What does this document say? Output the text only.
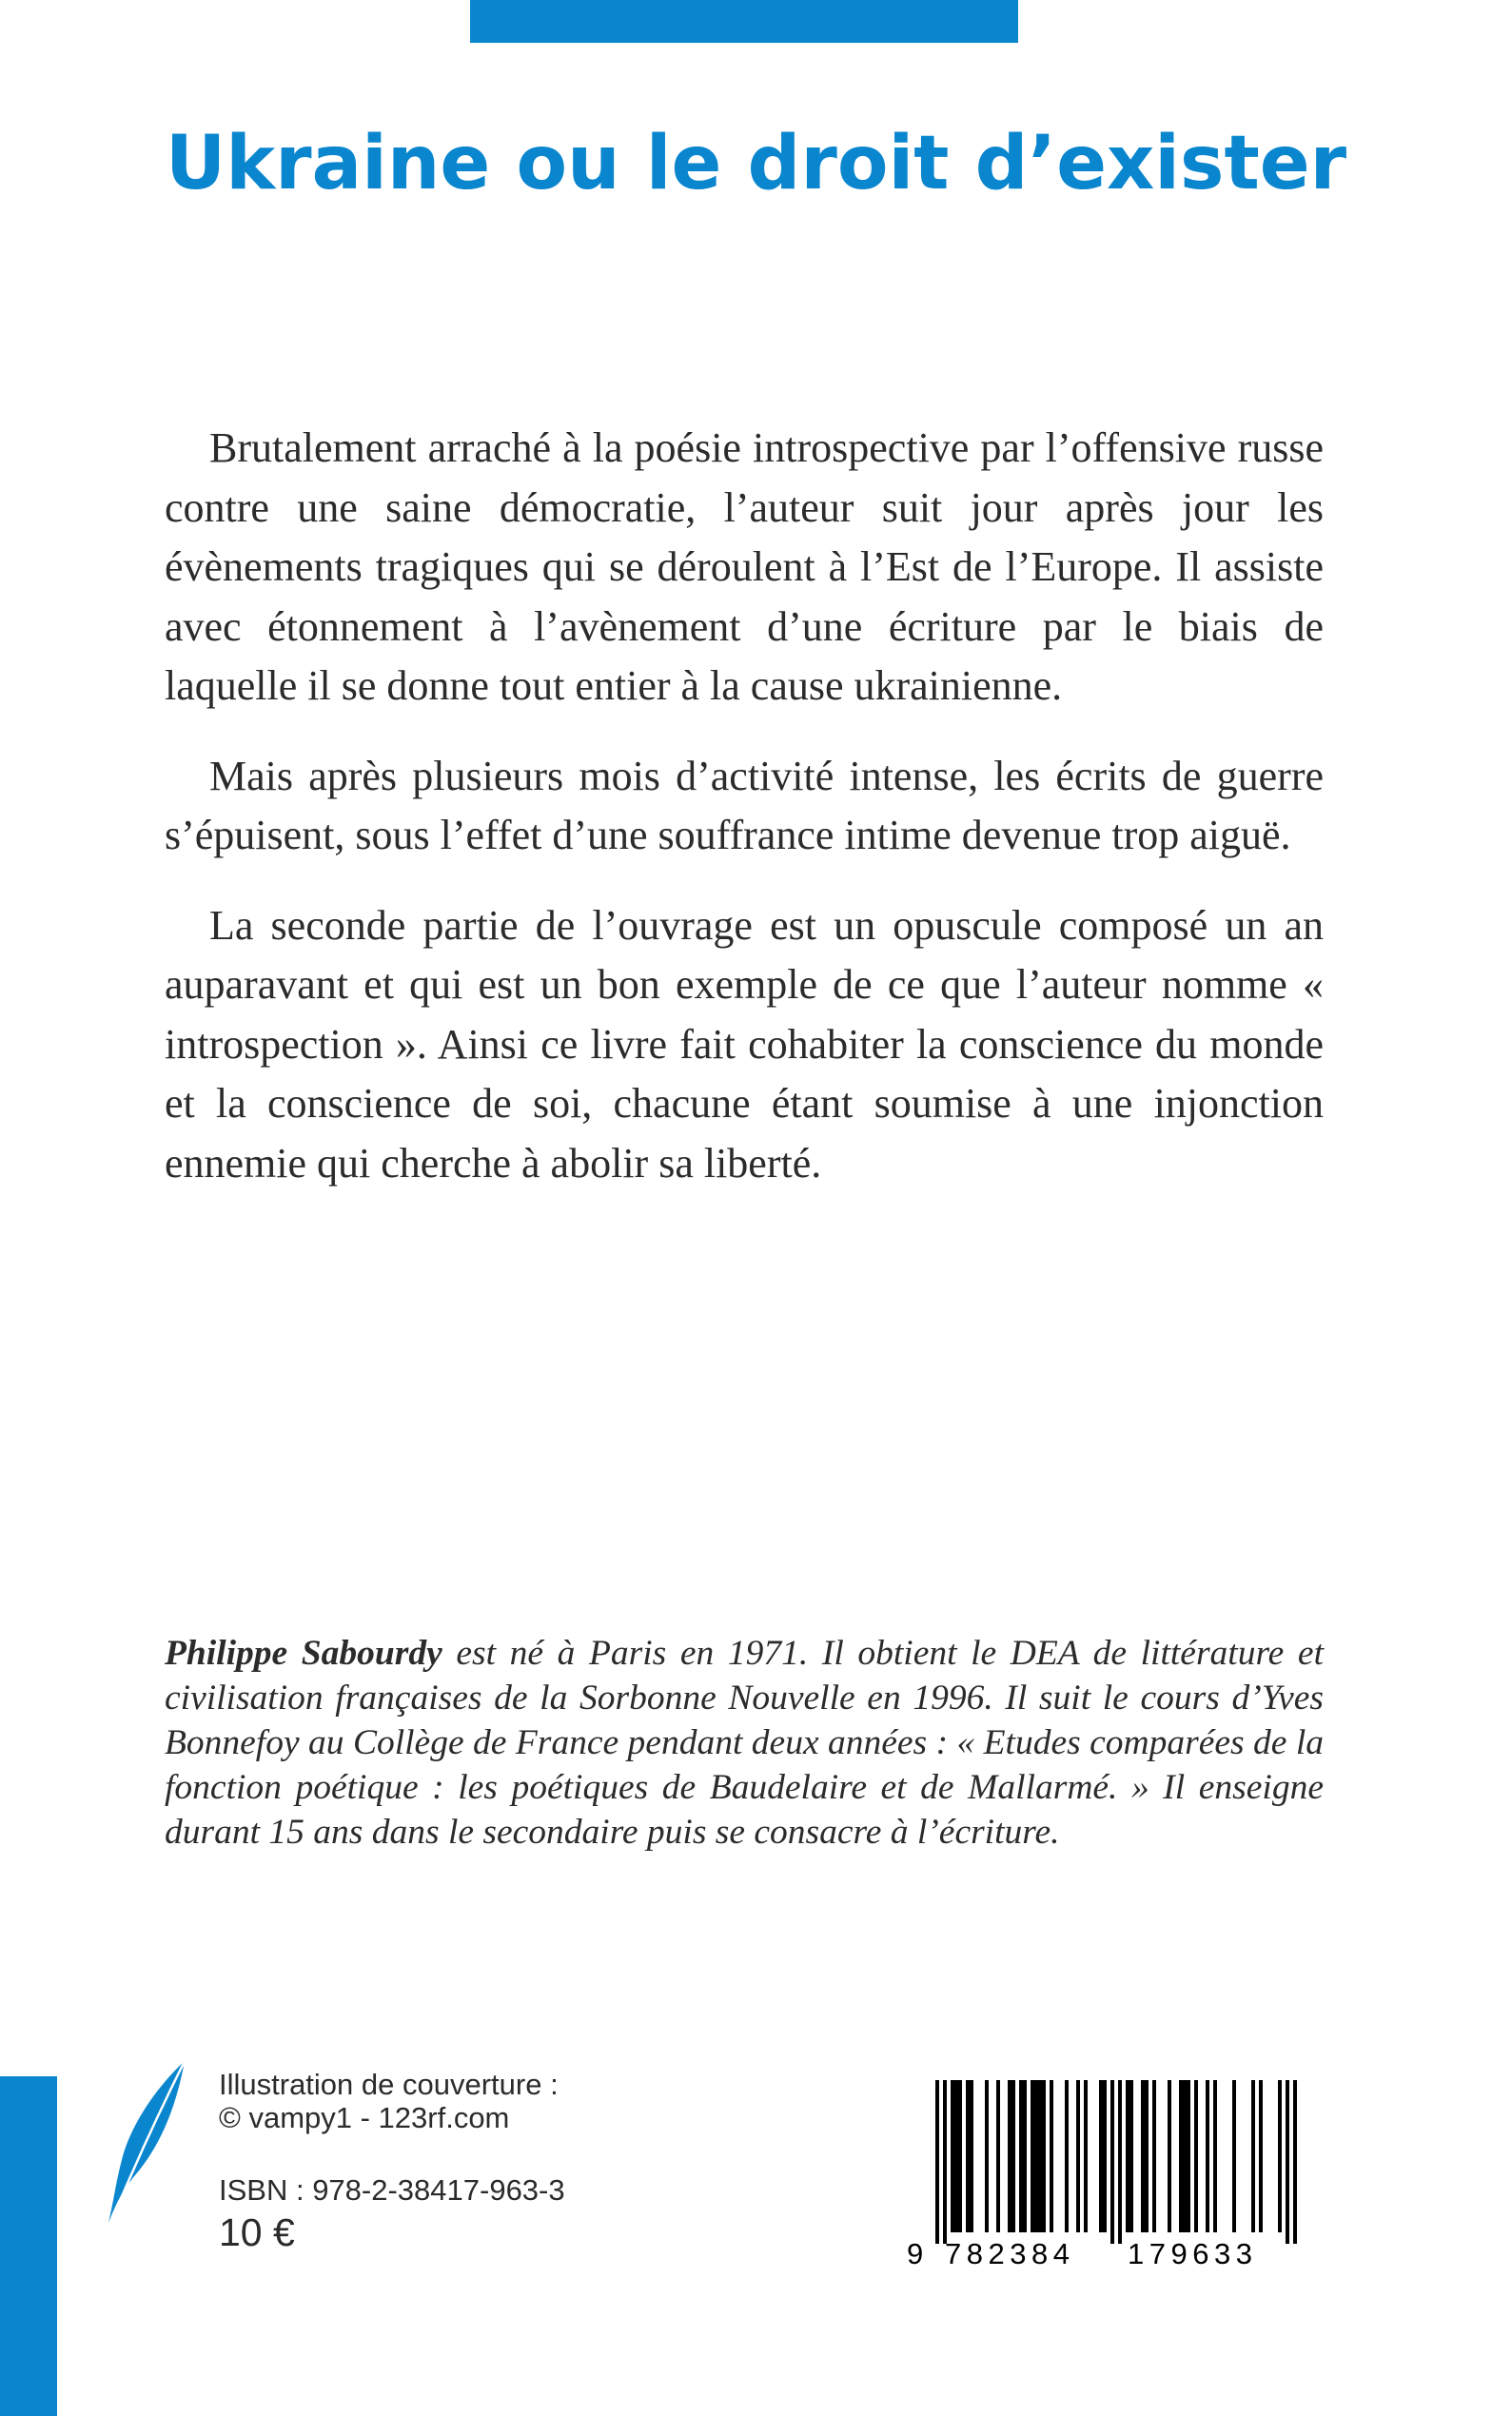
Ukraine ou le droit d’exister

Brutalement arraché à la poésie introspective par l’offensive russe contre une saine démocratie, l’auteur suit jour après jour les évènements tragiques qui se déroulent à l’Est de l’Europe. Il assiste avec étonnement à l’avènement d’une écriture par le biais de laquelle il se donne tout entier à la cause ukrainienne.

Mais après plusieurs mois d’activité intense, les écrits de guerre s’épuisent, sous l’effet d’une souffrance intime devenue trop aiguë.

La seconde partie de l’ouvrage est un opuscule composé un an auparavant et qui est un bon exemple de ce que l’auteur nomme « introspection ». Ainsi ce livre fait cohabiter la conscience du monde et la conscience de soi, chacune étant soumise à une injonction ennemie qui cherche à abolir sa liberté.

Philippe Sabourdy est né à Paris en 1971. Il obtient le DEA de littérature et civilisation françaises de la Sorbonne Nouvelle en 1996. Il suit le cours d’Yves Bonnefoy au Collège de France pendant deux années : « Etudes comparées de la fonction poétique : les poétiques de Baudelaire et de Mallarmé. » Il enseigne durant 15 ans dans le secondaire puis se consacre à l’écriture.

Illustration de couverture :
© vampy1 - 123rf.com
ISBN : 978-2-38417-963-3
10 €	9 782384 179633
